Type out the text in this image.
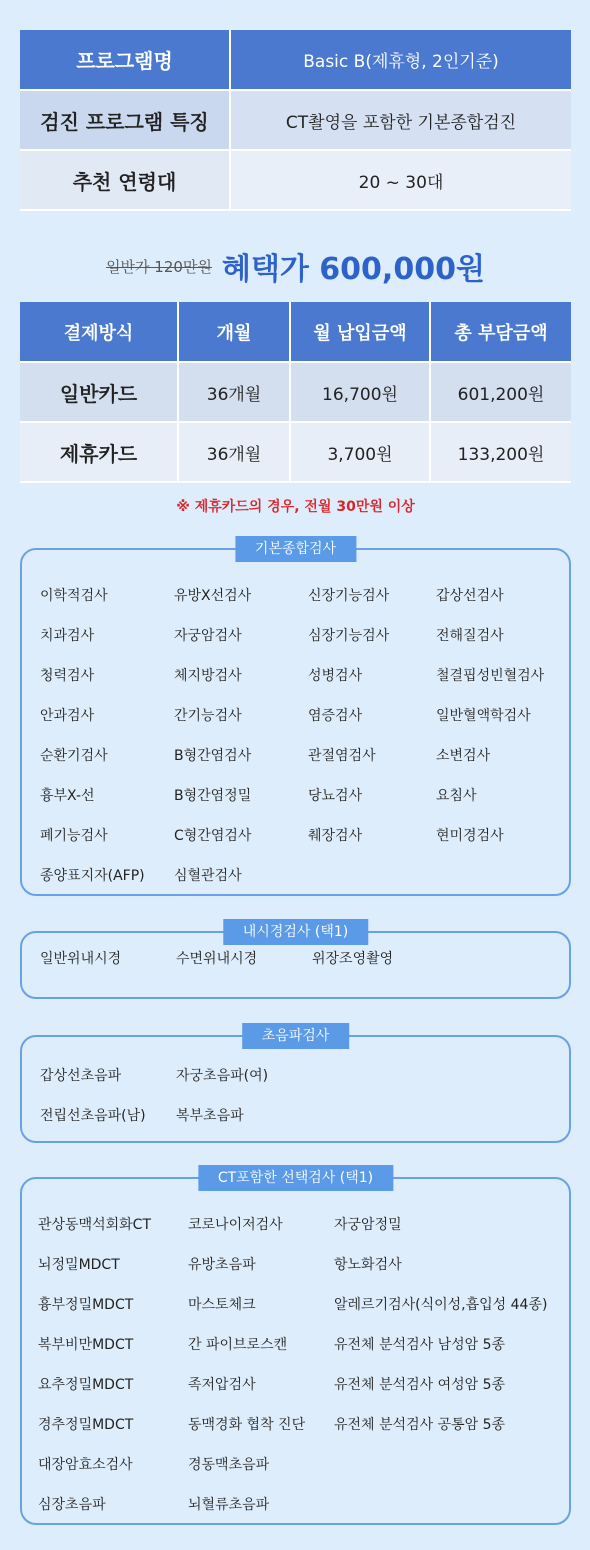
프로그램명	Basic B(제휴형, 2인기준)
검진 프로그램 특징	CT촬영을 포함한 기본종합검진
추천 연령대	20 ~ 30대
일반가 120만원 혜택가 600,000원
결제방식	개월	월 납입금액	총 부담금액
일반카드	36개월	16,700원	601,200원
제휴카드	36개월	3,700원	133,200원
※ 제휴카드의 경우, 전월 30만원 이상
기본종합검사
이학적검사	유방X선검사	신장기능검사	갑상선검사
치과검사	자궁암검사	심장기능검사	전해질검사
청력검사	체지방검사	성병검사	철결핍성빈혈검사
안과검사	간기능검사	염증검사	일반혈액학검사
순환기검사	B형간염검사	관절염검사	소변검사
흉부X-선	B형간염정밀	당뇨검사	요침사
폐기능검사	C형간염검사	췌장검사	현미경검사
종양표지자(AFP)	심혈관검사
내시경검사 (택1)
일반위내시경	수면위내시경	위장조영촬영
초음파검사
갑상선초음파	자궁초음파(여)
전립선초음파(남)	복부초음파
CT포함한 선택검사 (택1)
관상동맥석회화CT	코로나이저검사	자궁암정밀
뇌정밀MDCT	유방초음파	항노화검사
흉부정밀MDCT	마스토체크	알레르기검사(식이성,흡입성 44종)
복부비만MDCT	간 파이브로스캔	유전체 분석검사 남성암 5종
요추정밀MDCT	족저압검사	유전체 분석검사 여성암 5종
경추정밀MDCT	동맥경화 협착 진단	유전체 분석검사 공통암 5종
대장암효소검사	경동맥초음파
심장초음파	뇌혈류초음파
